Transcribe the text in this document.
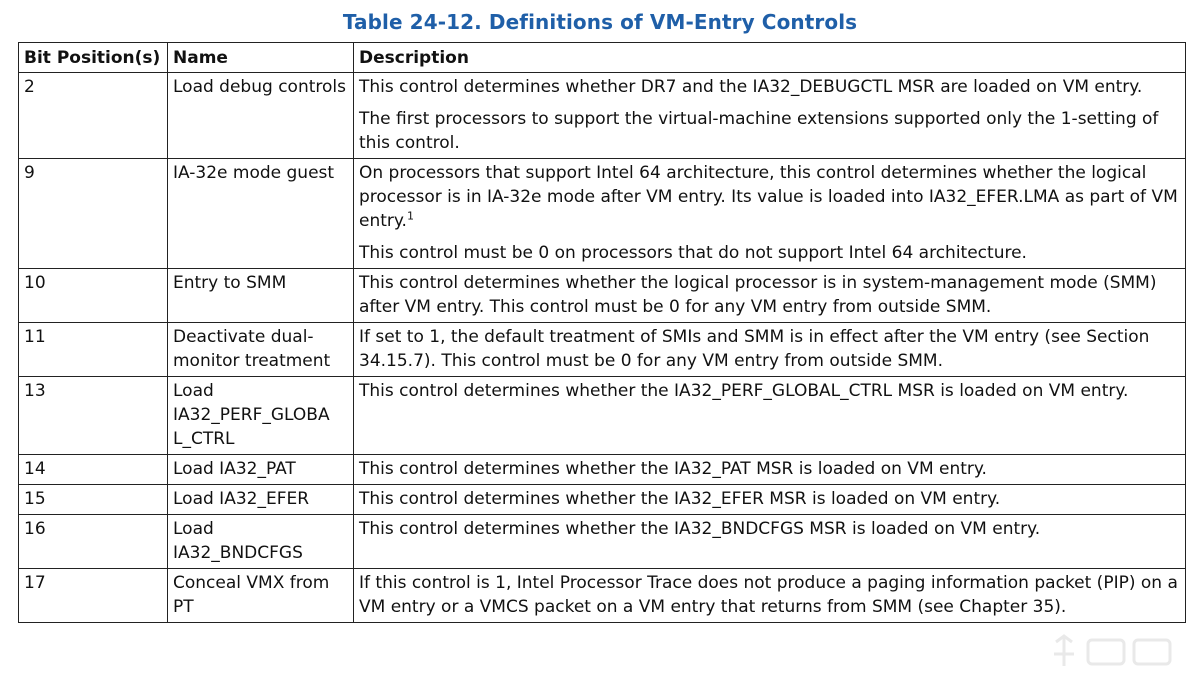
Table 24-12. Definitions of VM-Entry Controls
Bit Position(s)	Name	Description
2	Load debug controls	This control determines whether DR7 and the IA32_DEBUGCTL MSR are loaded on VM entry.

The first processors to support the virtual-machine extensions supported only the 1-setting of this control.

9	IA-32e mode guest	On processors that support Intel 64 architecture, this control determines whether the logical processor is in IA-32e mode after VM entry. Its value is loaded into IA32_EFER.LMA as part of VM entry.$^1$

This control must be 0 on processors that do not support Intel 64 architecture.

10	Entry to SMM	This control determines whether the logical processor is in system-management mode (SMM) after VM entry. This control must be 0 for any VM entry from outside SMM.

11	Deactivate dual-monitor treatment	If set to 1, the default treatment of SMIs and SMM is in effect after the VM entry (see Section 34.15.7). This control must be 0 for any VM entry from outside SMM.

13	Load IA32_PERF_GLOBA L_CTRL	This control determines whether the IA32_PERF_GLOBAL_CTRL MSR is loaded on VM entry.

14	Load IA32_PAT	This control determines whether the IA32_PAT MSR is loaded on VM entry.

15	Load IA32_EFER	This control determines whether the IA32_EFER MSR is loaded on VM entry.

16	Load IA32_BNDCFGS	This control determines whether the IA32_BNDCFGS MSR is loaded on VM entry.

17	Conceal VMX from PT	If this control is 1, Intel Processor Trace does not produce a paging information packet (PIP) on a VM entry or a VMCS packet on a VM entry that returns from SMM (see Chapter 35).
